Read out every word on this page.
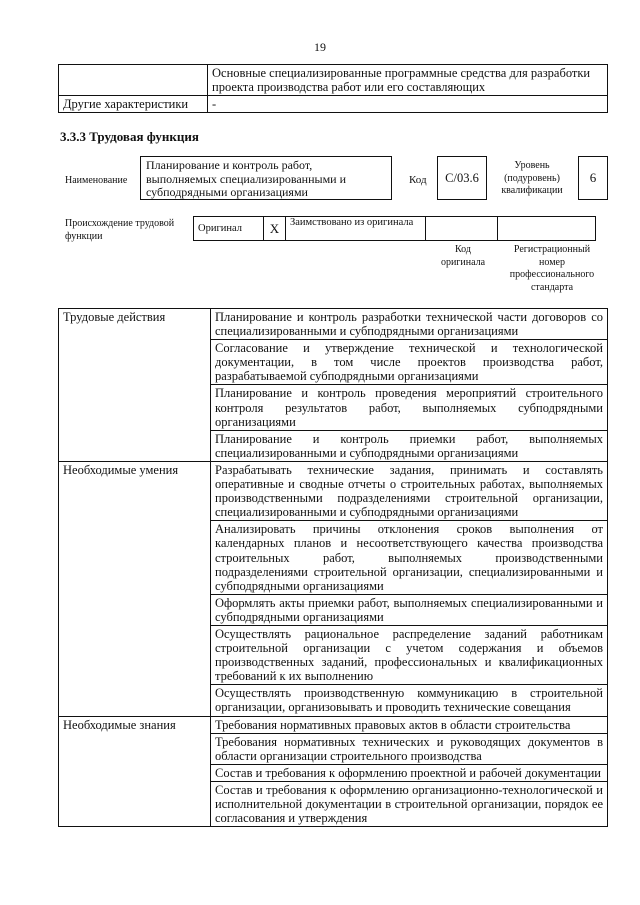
19
	Основные специализированные программные средства для разработки проекта производства работ или его составляющих
Другие характеристики	-
3.3.3 Трудовая функция
Наименование
Планирование и контроль работ, выполняемых специализированными и субподрядными организациями
Код	С/03.6
Уровень (подуровень) квалификации
6
Происхождение трудовой функции
Оригинал	X	Заимствовано из оригинала		
Код оригинала
Регистрационный номер профессионального стандарта
Трудовые действия	Планирование и контроль разработки технической части договоров со специализированными и субподрядными организациями
	Согласование и утверждение технической и технологической документации, в том числе проектов производства работ, разрабатываемой субподрядными организациями
	Планирование и контроль проведения мероприятий строительного контроля результатов работ, выполняемых субподрядными организациями
	Планирование и контроль приемки работ, выполняемых специализированными и субподрядными организациями
Необходимые умения	Разрабатывать технические задания, принимать и составлять оперативные и сводные отчеты о строительных работах, выполняемых производственными подразделениями строительной организации, специализированными и субподрядными организациями
	Анализировать причины отклонения сроков выполнения от календарных планов и несоответствующего качества производства строительных работ, выполняемых производственными подразделениями строительной организации, специализированными и субподрядными организациями
	Оформлять акты приемки работ, выполняемых специализированными и субподрядными организациями
	Осуществлять рациональное распределение заданий работникам строительной организации с учетом содержания и объемов производственных заданий, профессиональных и квалификационных требований к их выполнению
	Осуществлять производственную коммуникацию в строительной организации, организовывать и проводить технические совещания
Необходимые знания	Требования нормативных правовых актов в области строительства
	Требования нормативных технических и руководящих документов в области организации строительного производства
	Состав и требования к оформлению проектной и рабочей документации
	Состав и требования к оформлению организационно-технологической и исполнительной документации в строительной организации, порядок ее согласования и утверждения
